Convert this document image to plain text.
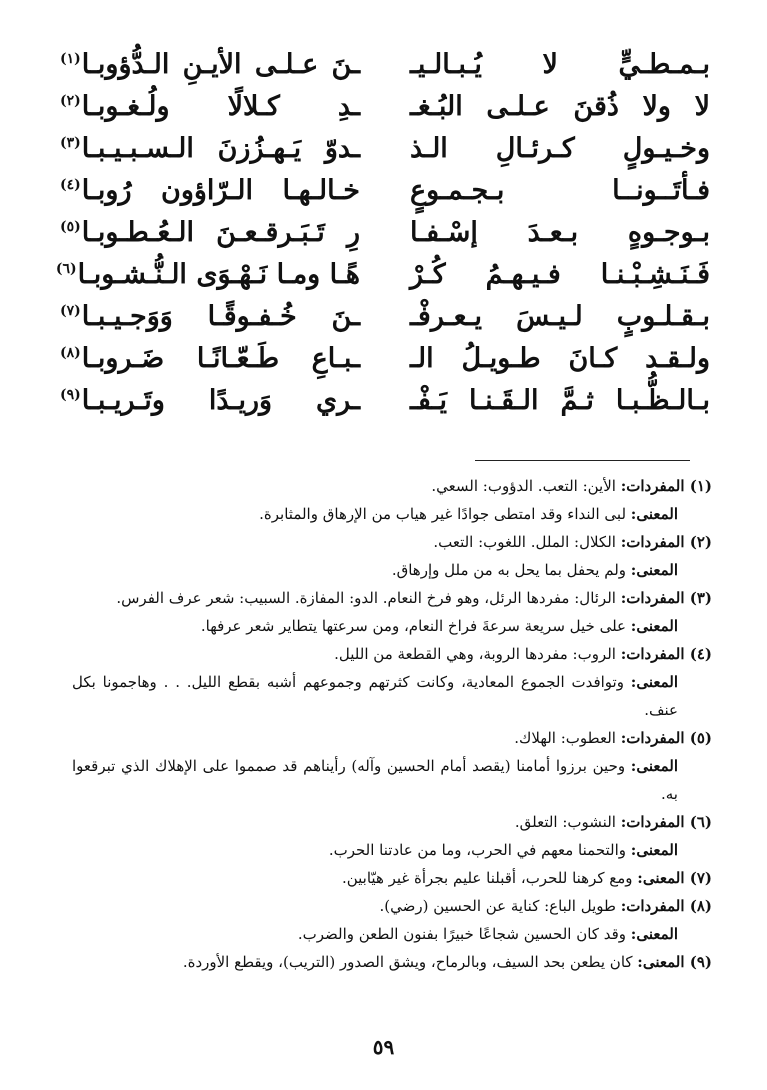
بـمـطـيٍّ لا يُـبـالـيـ
ـنَ عـلـى الأيـنِ الـدُّؤوبـا$^{(١)}$
لا ولا ذُقنَ عـلـى البُـغـ
ـدِ كـلالًا ولُـغـوبـا$^{(٢)}$
وخـيـولٍ كـرئـالِ الـذ
ـدوّ يَـهـزُزنَ الـسـبـيـبـا$^{(٣)}$
فـأتَــونــا بـجـمـوعٍ
خـالـهـا الـرّاؤون رُوبـا$^{(٤)}$
بـوجـوهٍ بـعـدَ إسْـفـا
رِ تَـبَـرقـعـنَ الـعُـطـوبـا$^{(٥)}$
فَـنَـشِـبْـنـا فـيـهـمُ كُـرْ
هًـا ومـا نَـهْـوَى الـنُّـشـوبـا$^{(٦)}$
بـقـلـوبٍ لـيـسَ يـعـرفْـ
ـنَ خُـفـوقًـا وَوَجـيـبـا$^{(٧)}$
ولـقـد كـانَ طـويـلُ الـ
ـبـاعِ طَـعّـانًـا ضَـروبـا$^{(٨)}$
بـالـظُّـبـا ثـمَّ الـقَـنـا يَـفْـ
ـري وَريـدًا وتَـريـبـا$^{(٩)}$
(١) المفردات: الأين: التعب. الدؤوب: السعي.
المعنى: لبى النداء وقد امتطى جوادًا غير هياب من الإرهاق والمثابرة.
(٢) المفردات: الكلال: الملل. اللغوب: التعب.
المعنى: ولم يحفل بما يحل به من ملل وإرهاق.
(٣) المفردات: الرئال: مفردها الرئل، وهو فرخ النعام. الدو: المفازة. السبيب: شعر عرف الفرس.
المعنى: على خيل سريعة سرعةَ فراخ النعام، ومن سرعتها يتطاير شعر عرفها.
(٤) المفردات: الروب: مفردها الروبة، وهي القطعة من الليل.
المعنى: وتوافدت الجموع المعادية، وكانت كثرتهم وجموعهم أشبه بقطع الليل. . . وهاجمونا بكل عنف.
(٥) المفردات: العطوب: الهلاك.
المعنى: وحين برزوا أمامنا (يقصد أمام الحسين وآله) رأيناهم قد صمموا على الإهلاك الذي تبرقعوا به.
(٦) المفردات: النشوب: التعلق.
المعنى: والتحمنا معهم في الحرب، وما من عادتنا الحرب.
(٧) المعنى: ومع كرهنا للحرب، أقبلنا عليم بجرأة غير هيّابين.
(٨) المفردات: طويل الباع: كناية عن الحسين (رضي).
المعنى: وقد كان الحسين شجاعًا خبيرًا بفنون الطعن والضرب.
(٩) المعنى: كان يطعن بحد السيف، وبالرماح، ويشق الصدور (التريب)، ويقطع الأوردة.
٥٩
